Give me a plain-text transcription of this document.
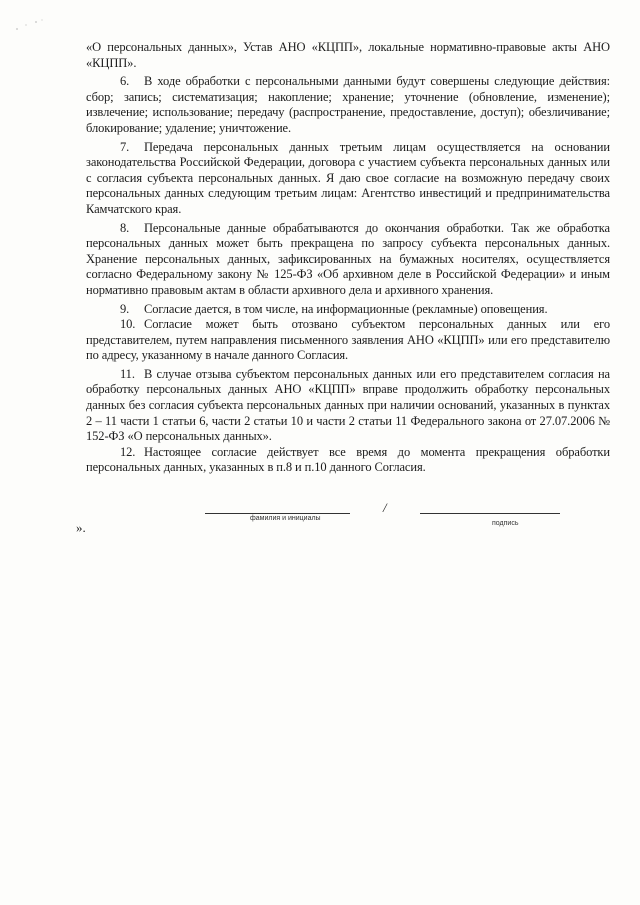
«О персональных данных», Устав АНО «КЦПП», локальные нормативно-правовые акты АНО «КЦПП».

6. В ходе обработки с персональными данными будут совершены следующие действия: сбор; запись; систематизация; накопление; хранение; уточнение (обновление, изменение); извлечение; использование; передачу (распространение, предоставление, доступ); обезличивание; блокирование; удаление; уничтожение.

7. Передача персональных данных третьим лицам осуществляется на основании законодательства Российской Федерации, договора с участием субъекта персональных данных или с согласия субъекта персональных данных. Я даю свое согласие на возможную передачу своих персональных данных следующим третьим лицам: Агентство инвестиций и предпринимательства Камчатского края.

8. Персональные данные обрабатываются до окончания обработки. Так же обработка персональных данных может быть прекращена по запросу субъекта персональных данных. Хранение персональных данных, зафиксированных на бумажных носителях, осуществляется согласно Федеральному закону № 125-ФЗ «Об архивном деле в Российской Федерации» и иным нормативно правовым актам в области архивного дела и архивного хранения.

9. Согласие дается, в том числе, на информационные (рекламные) оповещения.

10. Согласие может быть отозвано субъектом персональных данных или его представителем, путем направления письменного заявления АНО «КЦПП» или его представителю по адресу, указанному в начале данного Согласия.

11. В случае отзыва субъектом персональных данных или его представителем согласия на обработку персональных данных АНО «КЦПП» вправе продолжить обработку персональных данных без согласия субъекта персональных данных при наличии оснований, указанных в пунктах 2 – 11 части 1 статьи 6, части 2 статьи 10 и части 2 статьи 11 Федерального закона от 27.07.2006 № 152-ФЗ «О персональных данных».

12. Настоящее согласие действует все время до момента прекращения обработки персональных данных, указанных в п.8 и п.10 данного Согласия.

фамилия и инициалы
/
подпись
».
